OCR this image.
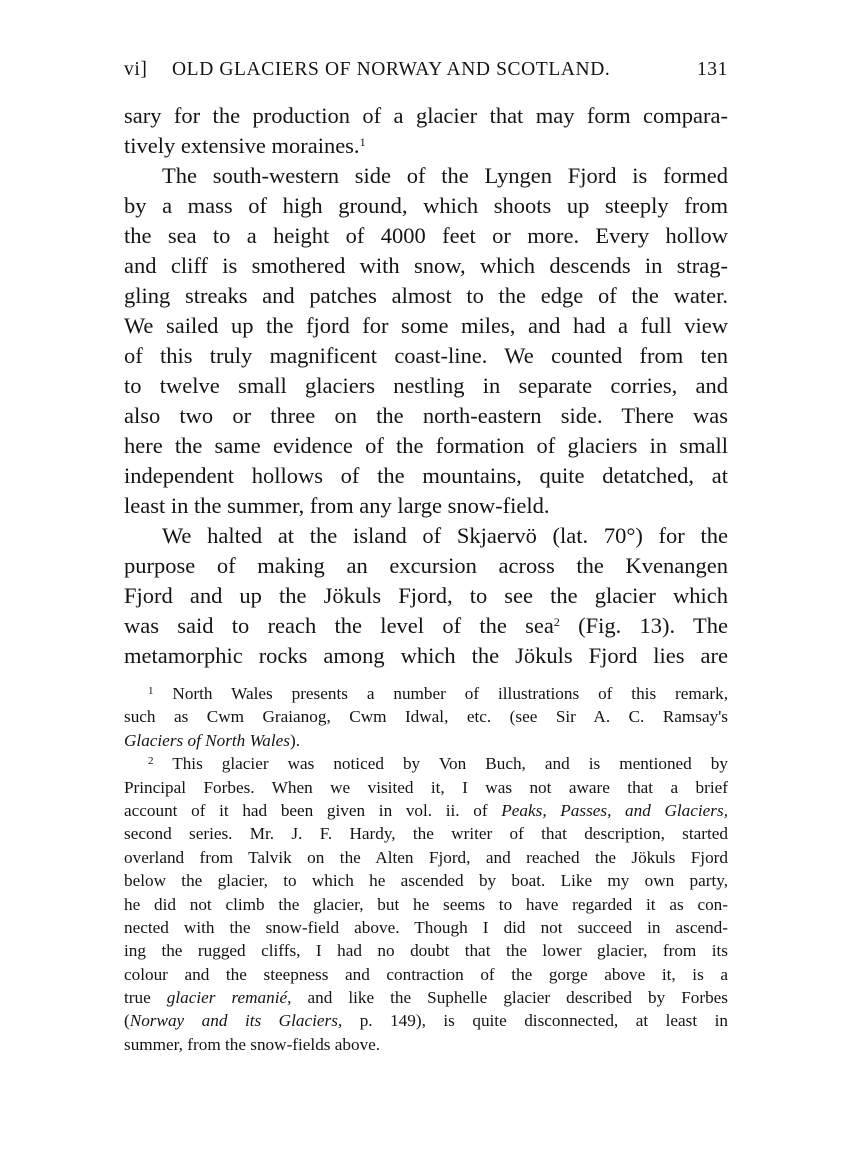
vi] OLD GLACIERS OF NORWAY AND SCOTLAND.	131
sary for the production of a glacier that may form compara-
tively extensive moraines.$^1$
The south-western side of the Lyngen Fjord is formed
by a mass of high ground, which shoots up steeply from
the sea to a height of 4000 feet or more. Every hollow
and cliff is smothered with snow, which descends in strag-
gling streaks and patches almost to the edge of the water.
We sailed up the fjord for some miles, and had a full view
of this truly magnificent coast-line. We counted from ten
to twelve small glaciers nestling in separate corries, and
also two or three on the north-eastern side. There was
here the same evidence of the formation of glaciers in small
independent hollows of the mountains, quite detatched, at
least in the summer, from any large snow-field.
We halted at the island of Skjaervö (lat. 70°) for the
purpose of making an excursion across the Kvenangen
Fjord and up the Jökuls Fjord, to see the glacier which
was said to reach the level of the sea$^2$ (Fig. 13). The
metamorphic rocks among which the Jökuls Fjord lies are
$^1$ North Wales presents a number of illustrations of this remark,
such as Cwm Graianog, Cwm Idwal, etc. (see Sir A. C. Ramsay's
Glaciers of North Wales).
$^2$ This glacier was noticed by Von Buch, and is mentioned by
Principal Forbes. When we visited it, I was not aware that a brief
account of it had been given in vol. ii. of Peaks, Passes, and Glaciers,
second series. Mr. J. F. Hardy, the writer of that description, started
overland from Talvik on the Alten Fjord, and reached the Jökuls Fjord
below the glacier, to which he ascended by boat. Like my own party,
he did not climb the glacier, but he seems to have regarded it as con-
nected with the snow-field above. Though I did not succeed in ascend-
ing the rugged cliffs, I had no doubt that the lower glacier, from its
colour and the steepness and contraction of the gorge above it, is a
true glacier remanié, and like the Suphelle glacier described by Forbes
(Norway and its Glaciers, p. 149), is quite disconnected, at least in
summer, from the snow-fields above.
